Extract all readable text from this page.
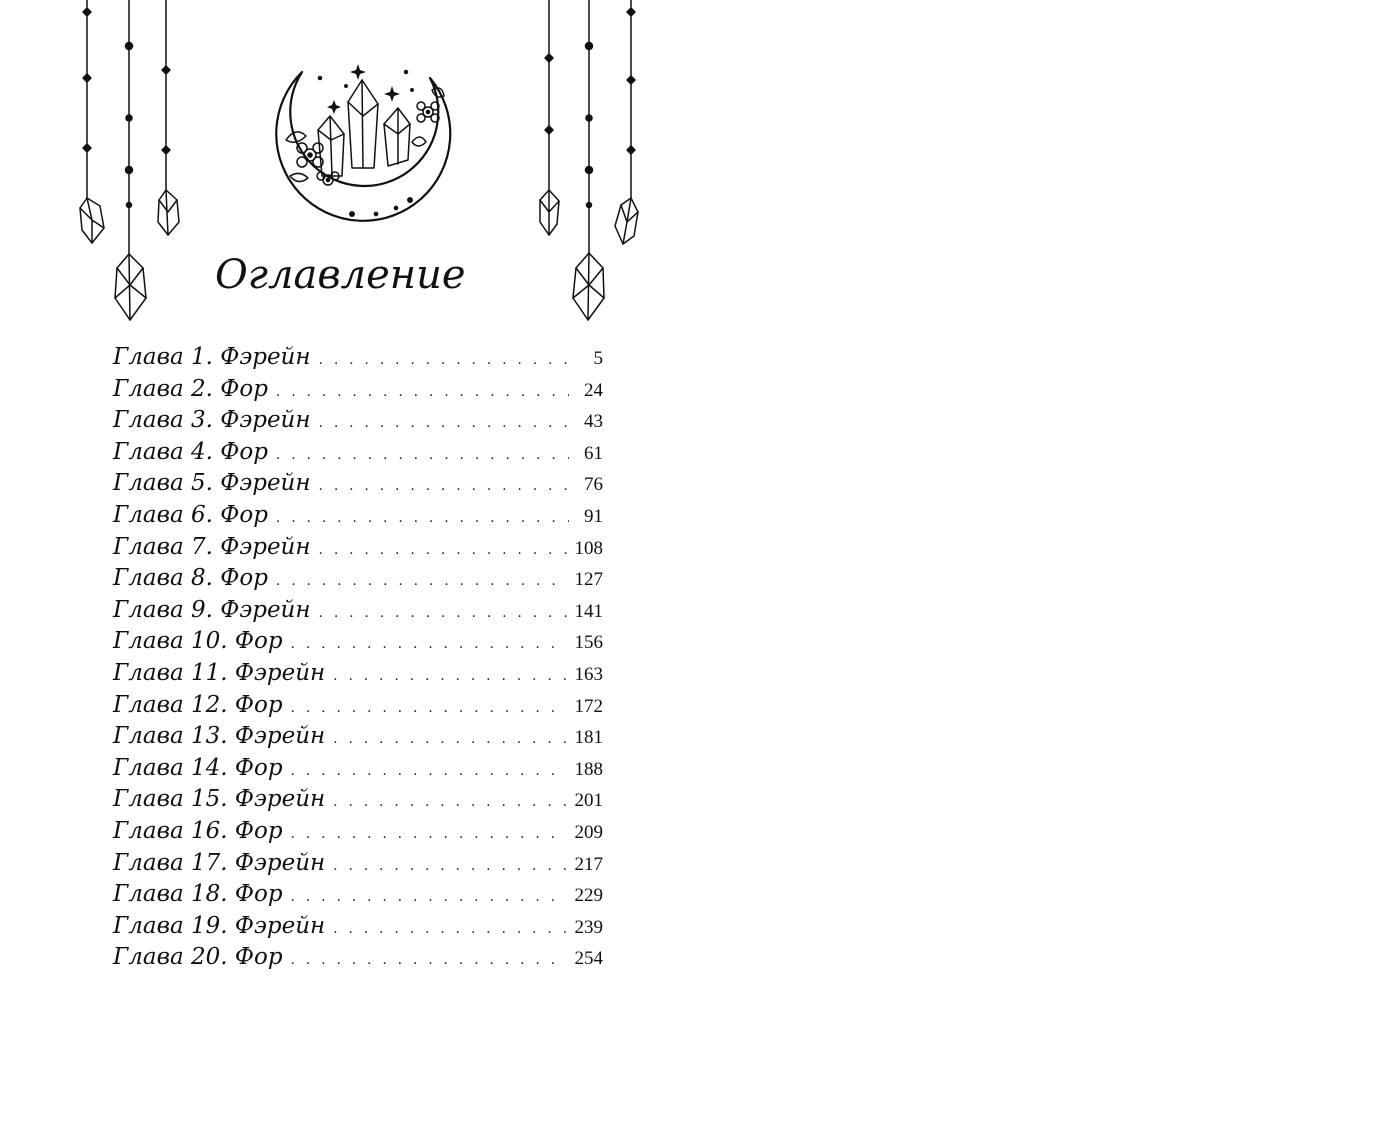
Оглавление
Глава 1. Фэрейн . . .	5
Глава 2. Фор . . .	24
Глава 3. Фэрейн . . .	43
Глава 4. Фор . . .	61
Глава 5. Фэрейн . . .	76
Глава 6. Фор . . .	91
Глава 7. Фэрейн . . .	108
Глава 8. Фор . . .	127
Глава 9. Фэрейн . . .	141
Глава 10. Фор . . .	156
Глава 11. Фэрейн . . .	163
Глава 12. Фор . . .	172
Глава 13. Фэрейн . . .	181
Глава 14. Фор . . .	188
Глава 15. Фэрейн . . .	201
Глава 16. Фор . . .	209
Глава 17. Фэрейн . . .	217
Глава 18. Фор . . .	229
Глава 19. Фэрейн . . .	239
Глава 20. Фор . . .	254
